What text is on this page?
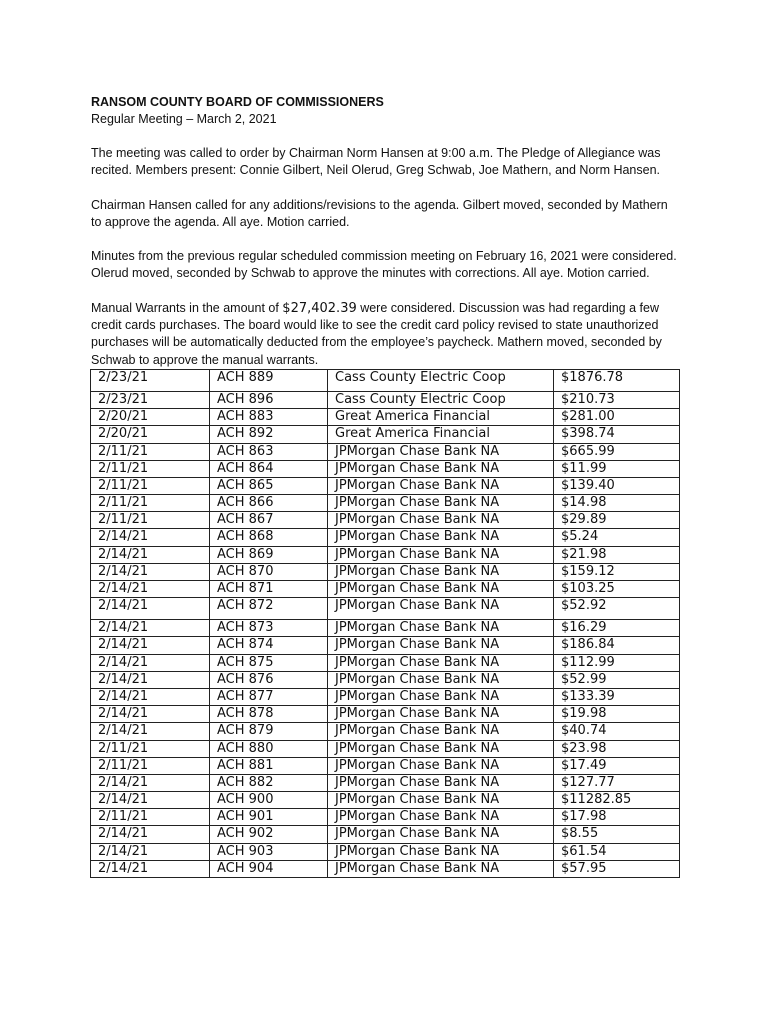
RANSOM COUNTY BOARD OF COMMISSIONERS

Regular Meeting – March 2, 2021

The meeting was called to order by Chairman Norm Hansen at 9:00 a.m. The Pledge of Allegiance was recited. Members present: Connie Gilbert, Neil Olerud, Greg Schwab, Joe Mathern, and Norm Hansen.

Chairman Hansen called for any additions/revisions to the agenda. Gilbert moved, seconded by Mathern to approve the agenda. All aye. Motion carried.

Minutes from the previous regular scheduled commission meeting on February 16, 2021 were considered. Olerud moved, seconded by Schwab to approve the minutes with corrections. All aye. Motion carried.

Manual Warrants in the amount of $27,402.39 were considered. Discussion was had regarding a few credit cards purchases. The board would like to see the credit card policy revised to state unauthorized purchases will be automatically deducted from the employee’s paycheck. Mathern moved, seconded by Schwab to approve the manual warrants.

2/23/21	ACH 889	Cass County Electric Coop	$1876.78
2/23/21	ACH 896	Cass County Electric Coop	$210.73
2/20/21	ACH 883	Great America Financial	$281.00
2/20/21	ACH 892	Great America Financial	$398.74
2/11/21	ACH 863	JPMorgan Chase Bank NA	$665.99
2/11/21	ACH 864	JPMorgan Chase Bank NA	$11.99
2/11/21	ACH 865	JPMorgan Chase Bank NA	$139.40
2/11/21	ACH 866	JPMorgan Chase Bank NA	$14.98
2/11/21	ACH 867	JPMorgan Chase Bank NA	$29.89
2/14/21	ACH 868	JPMorgan Chase Bank NA	$5.24
2/14/21	ACH 869	JPMorgan Chase Bank NA	$21.98
2/14/21	ACH 870	JPMorgan Chase Bank NA	$159.12
2/14/21	ACH 871	JPMorgan Chase Bank NA	$103.25
2/14/21	ACH 872	JPMorgan Chase Bank NA	$52.92
2/14/21	ACH 873	JPMorgan Chase Bank NA	$16.29
2/14/21	ACH 874	JPMorgan Chase Bank NA	$186.84
2/14/21	ACH 875	JPMorgan Chase Bank NA	$112.99
2/14/21	ACH 876	JPMorgan Chase Bank NA	$52.99
2/14/21	ACH 877	JPMorgan Chase Bank NA	$133.39
2/14/21	ACH 878	JPMorgan Chase Bank NA	$19.98
2/14/21	ACH 879	JPMorgan Chase Bank NA	$40.74
2/11/21	ACH 880	JPMorgan Chase Bank NA	$23.98
2/11/21	ACH 881	JPMorgan Chase Bank NA	$17.49
2/14/21	ACH 882	JPMorgan Chase Bank NA	$127.77
2/14/21	ACH 900	JPMorgan Chase Bank NA	$11282.85
2/11/21	ACH 901	JPMorgan Chase Bank NA	$17.98
2/14/21	ACH 902	JPMorgan Chase Bank NA	$8.55
2/14/21	ACH 903	JPMorgan Chase Bank NA	$61.54
2/14/21	ACH 904	JPMorgan Chase Bank NA	$57.95
